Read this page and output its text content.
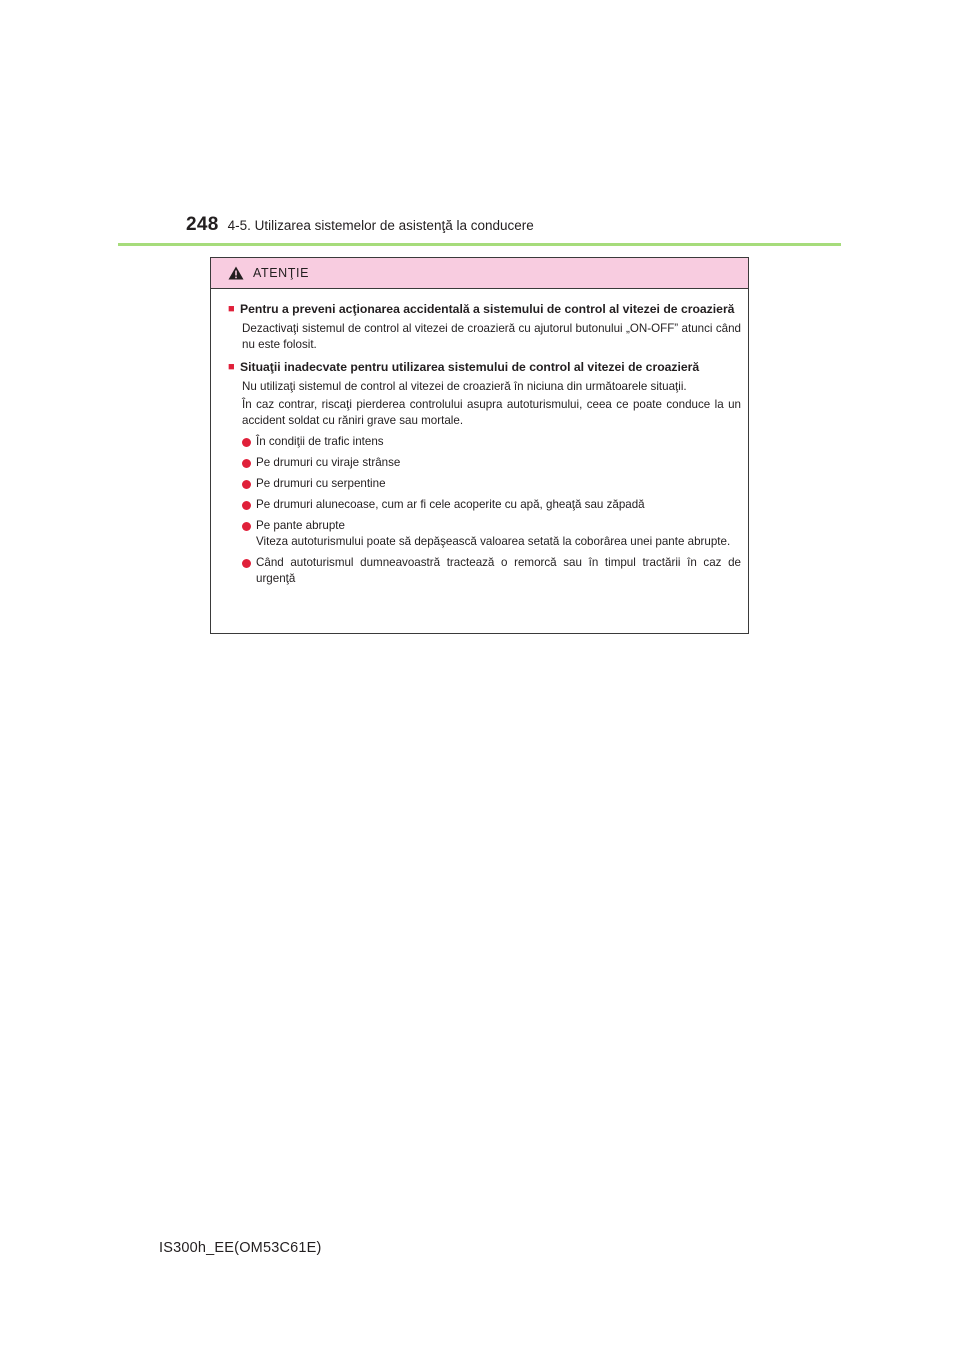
248 4-5. Utilizarea sistemelor de asistenţă la conducere
ATENŢIE
■ Pentru a preveni acţionarea accidentală a sistemului de control al vitezei de croazieră
Dezactivaţi sistemul de control al vitezei de croazieră cu ajutorul butonului „ON-OFF” atunci când nu este folosit.
■ Situaţii inadecvate pentru utilizarea sistemului de control al vitezei de croazieră
Nu utilizaţi sistemul de control al vitezei de croazieră în niciuna din următoarele situaţii.
În caz contrar, riscaţi pierderea controlului asupra autoturismului, ceea ce poate conduce la un accident soldat cu răniri grave sau mortale.
În condiţii de trafic intens
Pe drumuri cu viraje strânse
Pe drumuri cu serpentine
Pe drumuri alunecoase, cum ar fi cele acoperite cu apă, gheaţă sau zăpadă
Pe pante abrupte
Viteza autoturismului poate să depăşească valoarea setată la coborârea unei pante abrupte.
Când autoturismul dumneavoastră tractează o remorcă sau în timpul tractării în caz de urgenţă
IS300h_EE(OM53C61E)
